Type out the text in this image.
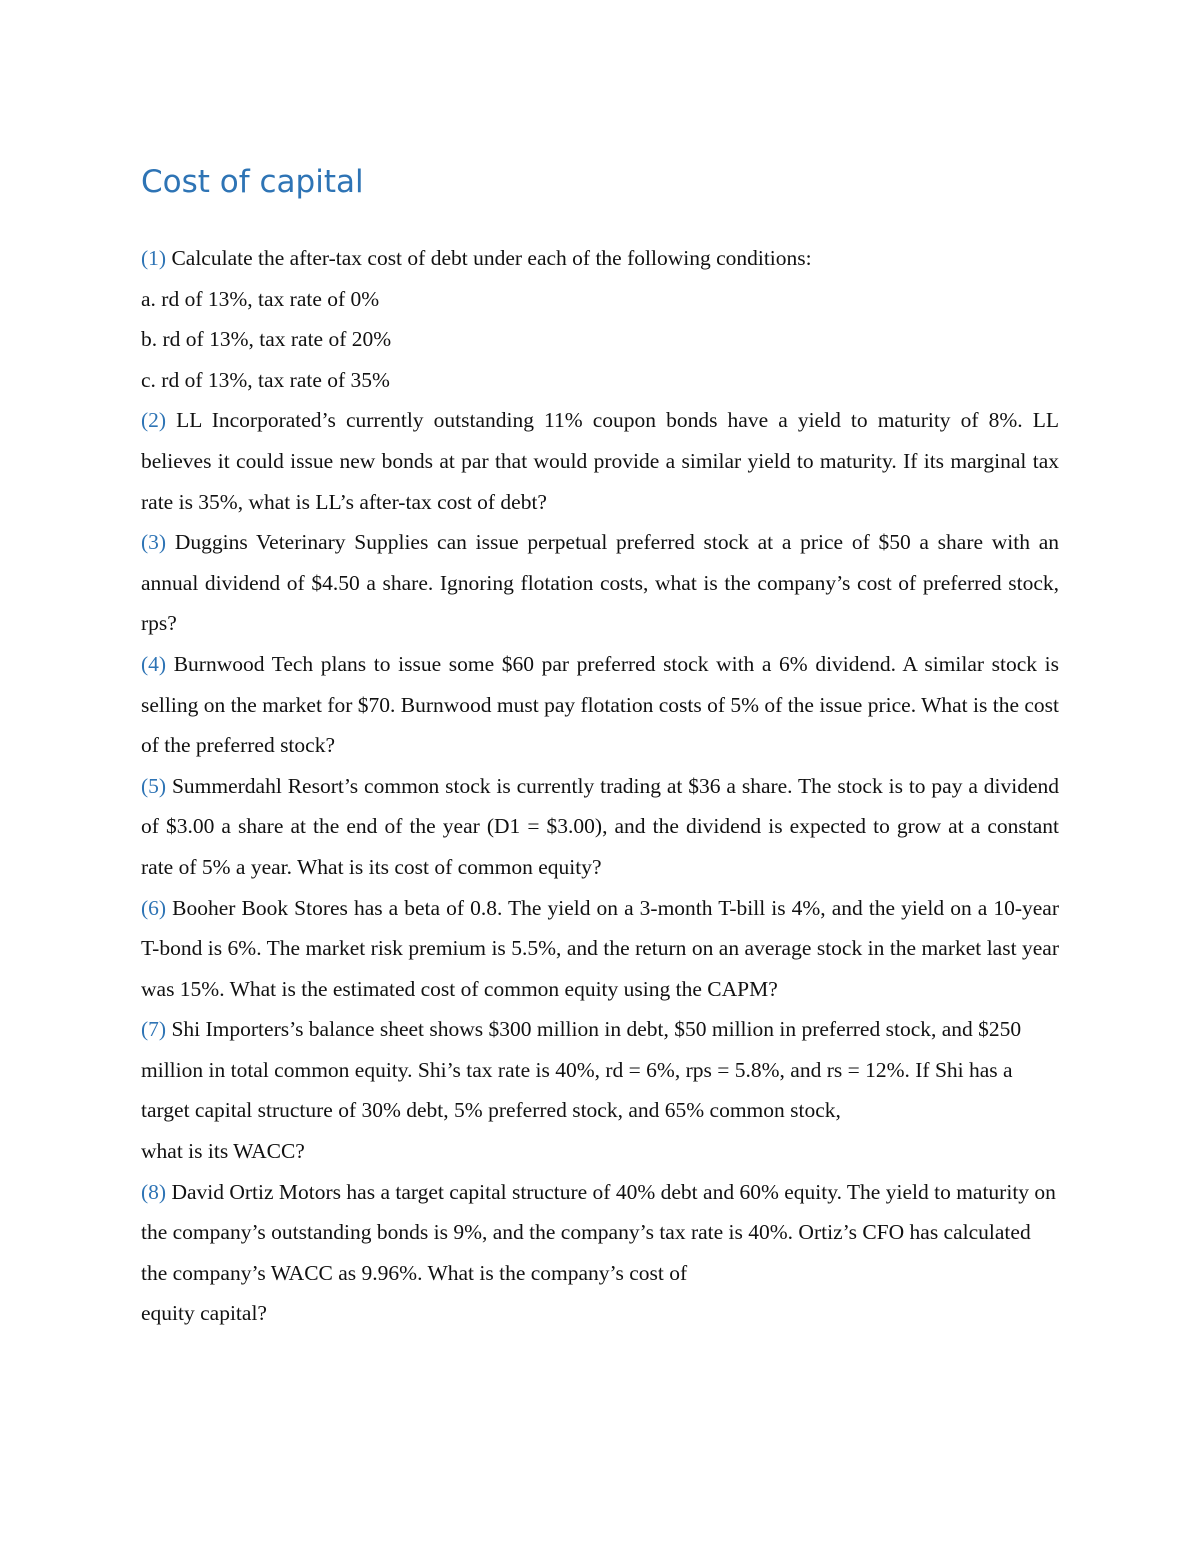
Cost of capital

(1) Calculate the after-tax cost of debt under each of the following conditions:

a. rd of 13%, tax rate of 0%

b. rd of 13%, tax rate of 20%

c. rd of 13%, tax rate of 35%

(2) LL Incorporated’s currently outstanding 11% coupon bonds have a yield to maturity of 8%. LL believes it could issue new bonds at par that would provide a similar yield to maturity. If its marginal tax rate is 35%, what is LL’s after-tax cost of debt?

(3) Duggins Veterinary Supplies can issue perpetual preferred stock at a price of $50 a share with an annual dividend of $4.50 a share. Ignoring flotation costs, what is the company’s cost of preferred stock, rps?

(4) Burnwood Tech plans to issue some $60 par preferred stock with a 6% dividend. A similar stock is selling on the market for $70. Burnwood must pay flotation costs of 5% of the issue price. What is the cost of the preferred stock?

(5) Summerdahl Resort’s common stock is currently trading at $36 a share. The stock is to pay a dividend of $3.00 a share at the end of the year (D1 = $3.00), and the dividend is expected to grow at a constant rate of 5% a year. What is its cost of common equity?

(6) Booher Book Stores has a beta of 0.8. The yield on a 3-month T-bill is 4%, and the yield on a 10-year T-bond is 6%. The market risk premium is 5.5%, and the return on an average stock in the market last year was 15%. What is the estimated cost of common equity using the CAPM?

(7) Shi Importers’s balance sheet shows $300 million in debt, $50 million in preferred stock, and $250 million in total common equity. Shi’s tax rate is 40%, rd = 6%, rps = 5.8%, and rs = 12%. If Shi has a target capital structure of 30% debt, 5% preferred stock, and 65% common stock,

what is its WACC?

(8) David Ortiz Motors has a target capital structure of 40% debt and 60% equity. The yield to maturity on the company’s outstanding bonds is 9%, and the company’s tax rate is 40%. Ortiz’s CFO has calculated the company’s WACC as 9.96%. What is the company’s cost of

equity capital?
